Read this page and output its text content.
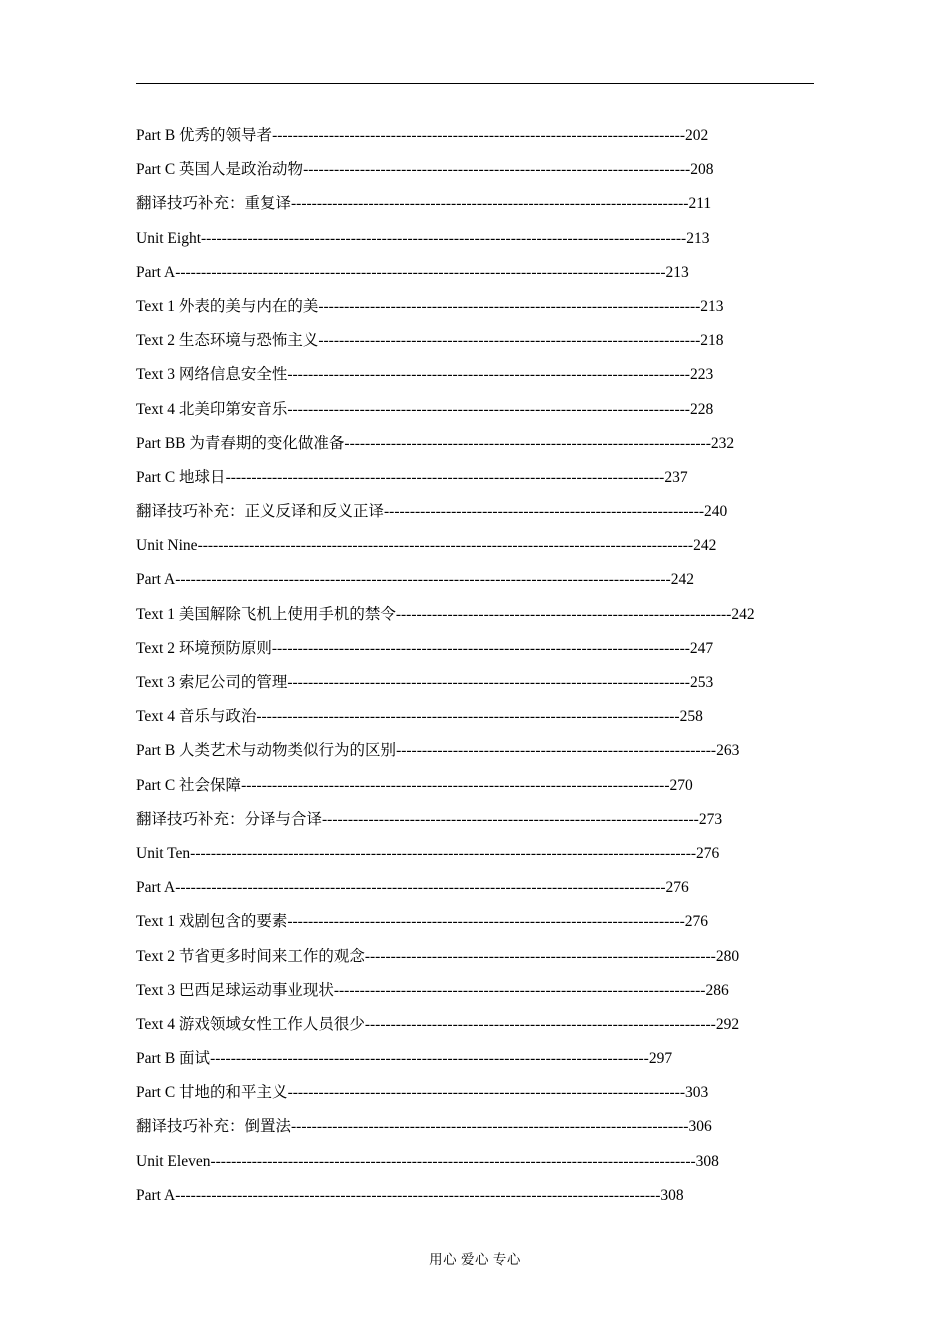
Part B 优秀的领导者--------------------------------------------------------------------------------202
Part C 英国人是政治动物---------------------------------------------------------------------------208
翻译技巧补充：重复译-----------------------------------------------------------------------------211
Unit Eight----------------------------------------------------------------------------------------------213
Part A-----------------------------------------------------------------------------------------------213
Text 1 外表的美与内在的美--------------------------------------------------------------------------213
Text 2 生态环境与恐怖主义--------------------------------------------------------------------------218
Text 3 网络信息安全性------------------------------------------------------------------------------223
Text 4 北美印第安音乐------------------------------------------------------------------------------228
Part BB 为青春期的变化做准备-----------------------------------------------------------------------232
Part C 地球日-------------------------------------------------------------------------------------237
翻译技巧补充：正义反译和反义正译--------------------------------------------------------------240
Unit Nine------------------------------------------------------------------------------------------------242
Part A------------------------------------------------------------------------------------------------242
Text 1 美国解除飞机上使用手机的禁令-----------------------------------------------------------------242
Text 2 环境预防原则---------------------------------------------------------------------------------247
Text 3 索尼公司的管理------------------------------------------------------------------------------253
Text 4 音乐与政治----------------------------------------------------------------------------------258
Part B 人类艺术与动物类似行为的区别--------------------------------------------------------------263
Part C 社会保障-----------------------------------------------------------------------------------270
翻译技巧补充：分译与合译-------------------------------------------------------------------------273
Unit Ten--------------------------------------------------------------------------------------------------276
Part A-----------------------------------------------------------------------------------------------276
Text 1 戏剧包含的要素-----------------------------------------------------------------------------276
Text 2 节省更多时间来工作的观念--------------------------------------------------------------------280
Text 3 巴西足球运动事业现状------------------------------------------------------------------------286
Text 4 游戏领域女性工作人员很少--------------------------------------------------------------------292
Part B 面试-------------------------------------------------------------------------------------297
Part C 甘地的和平主义-----------------------------------------------------------------------------303
翻译技巧补充：倒置法-----------------------------------------------------------------------------306
Unit Eleven----------------------------------------------------------------------------------------------308
Part A----------------------------------------------------------------------------------------------308
用心 爱心 专心
